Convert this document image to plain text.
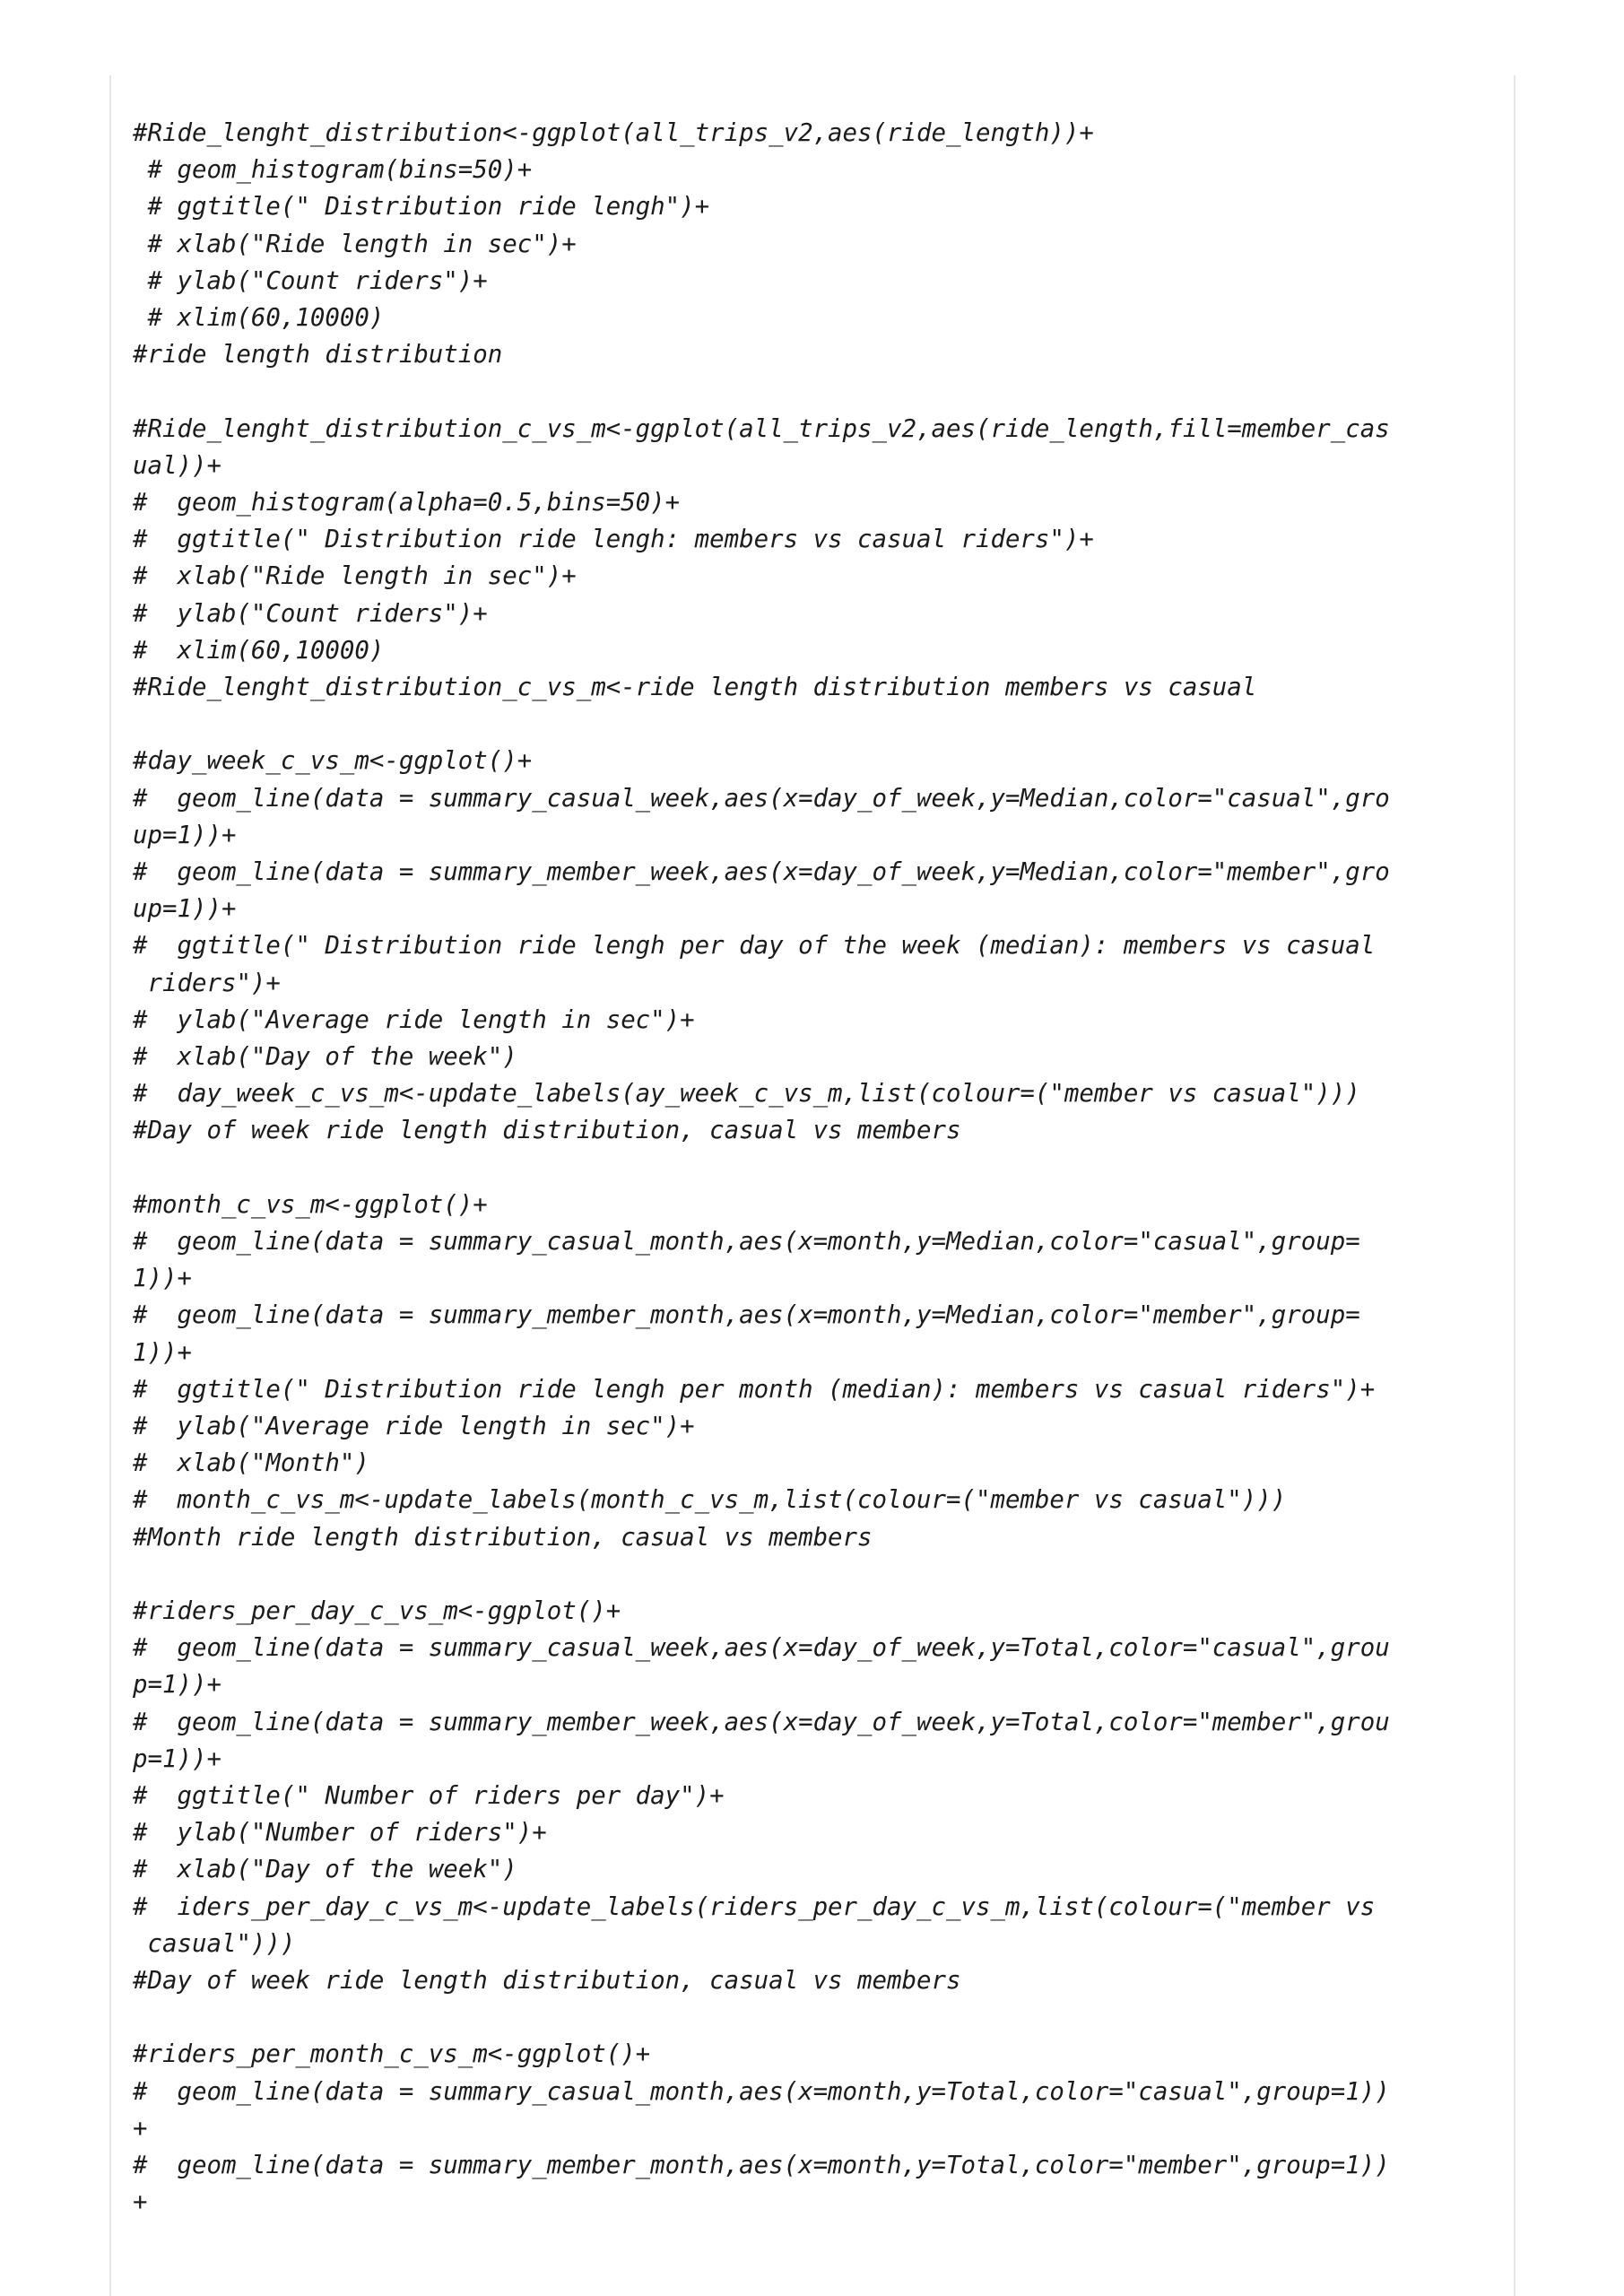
#Ride_lenght_distribution<-ggplot(all_trips_v2,aes(ride_length))+
# geom_histogram(bins=50)+
# ggtitle(" Distribution ride lengh")+
# xlab("Ride length in sec")+
# ylab("Count riders")+
# xlim(60,10000)
#ride length distribution
#Ride_lenght_distribution_c_vs_m<-ggplot(all_trips_v2,aes(ride_length,fill=member_cas
ual))+
#  geom_histogram(alpha=0.5,bins=50)+
#  ggtitle(" Distribution ride lengh: members vs casual riders")+
#  xlab("Ride length in sec")+
#  ylab("Count riders")+
#  xlim(60,10000)
#Ride_lenght_distribution_c_vs_m<-ride length distribution members vs casual
#day_week_c_vs_m<-ggplot()+
#  geom_line(data = summary_casual_week,aes(x=day_of_week,y=Median,color="casual",gro
up=1))+
#  geom_line(data = summary_member_week,aes(x=day_of_week,y=Median,color="member",gro
up=1))+
#  ggtitle(" Distribution ride lengh per day of the week (median): members vs casual
riders")+
#  ylab("Average ride length in sec")+
#  xlab("Day of the week")
#  day_week_c_vs_m<-update_labels(ay_week_c_vs_m,list(colour=("member vs casual")))
#Day of week ride length distribution, casual vs members
#month_c_vs_m<-ggplot()+
#  geom_line(data = summary_casual_month,aes(x=month,y=Median,color="casual",group=
1))+
#  geom_line(data = summary_member_month,aes(x=month,y=Median,color="member",group=
1))+
#  ggtitle(" Distribution ride lengh per month (median): members vs casual riders")+
#  ylab("Average ride length in sec")+
#  xlab("Month")
#  month_c_vs_m<-update_labels(month_c_vs_m,list(colour=("member vs casual")))
#Month ride length distribution, casual vs members
#riders_per_day_c_vs_m<-ggplot()+
#  geom_line(data = summary_casual_week,aes(x=day_of_week,y=Total,color="casual",grou
p=1))+
#  geom_line(data = summary_member_week,aes(x=day_of_week,y=Total,color="member",grou
p=1))+
#  ggtitle(" Number of riders per day")+
#  ylab("Number of riders")+
#  xlab("Day of the week")
#  iders_per_day_c_vs_m<-update_labels(riders_per_day_c_vs_m,list(colour=("member vs
casual")))
#Day of week ride length distribution, casual vs members
#riders_per_month_c_vs_m<-ggplot()+
#  geom_line(data = summary_casual_month,aes(x=month,y=Total,color="casual",group=1))
+
#  geom_line(data = summary_member_month,aes(x=month,y=Total,color="member",group=1))
+
